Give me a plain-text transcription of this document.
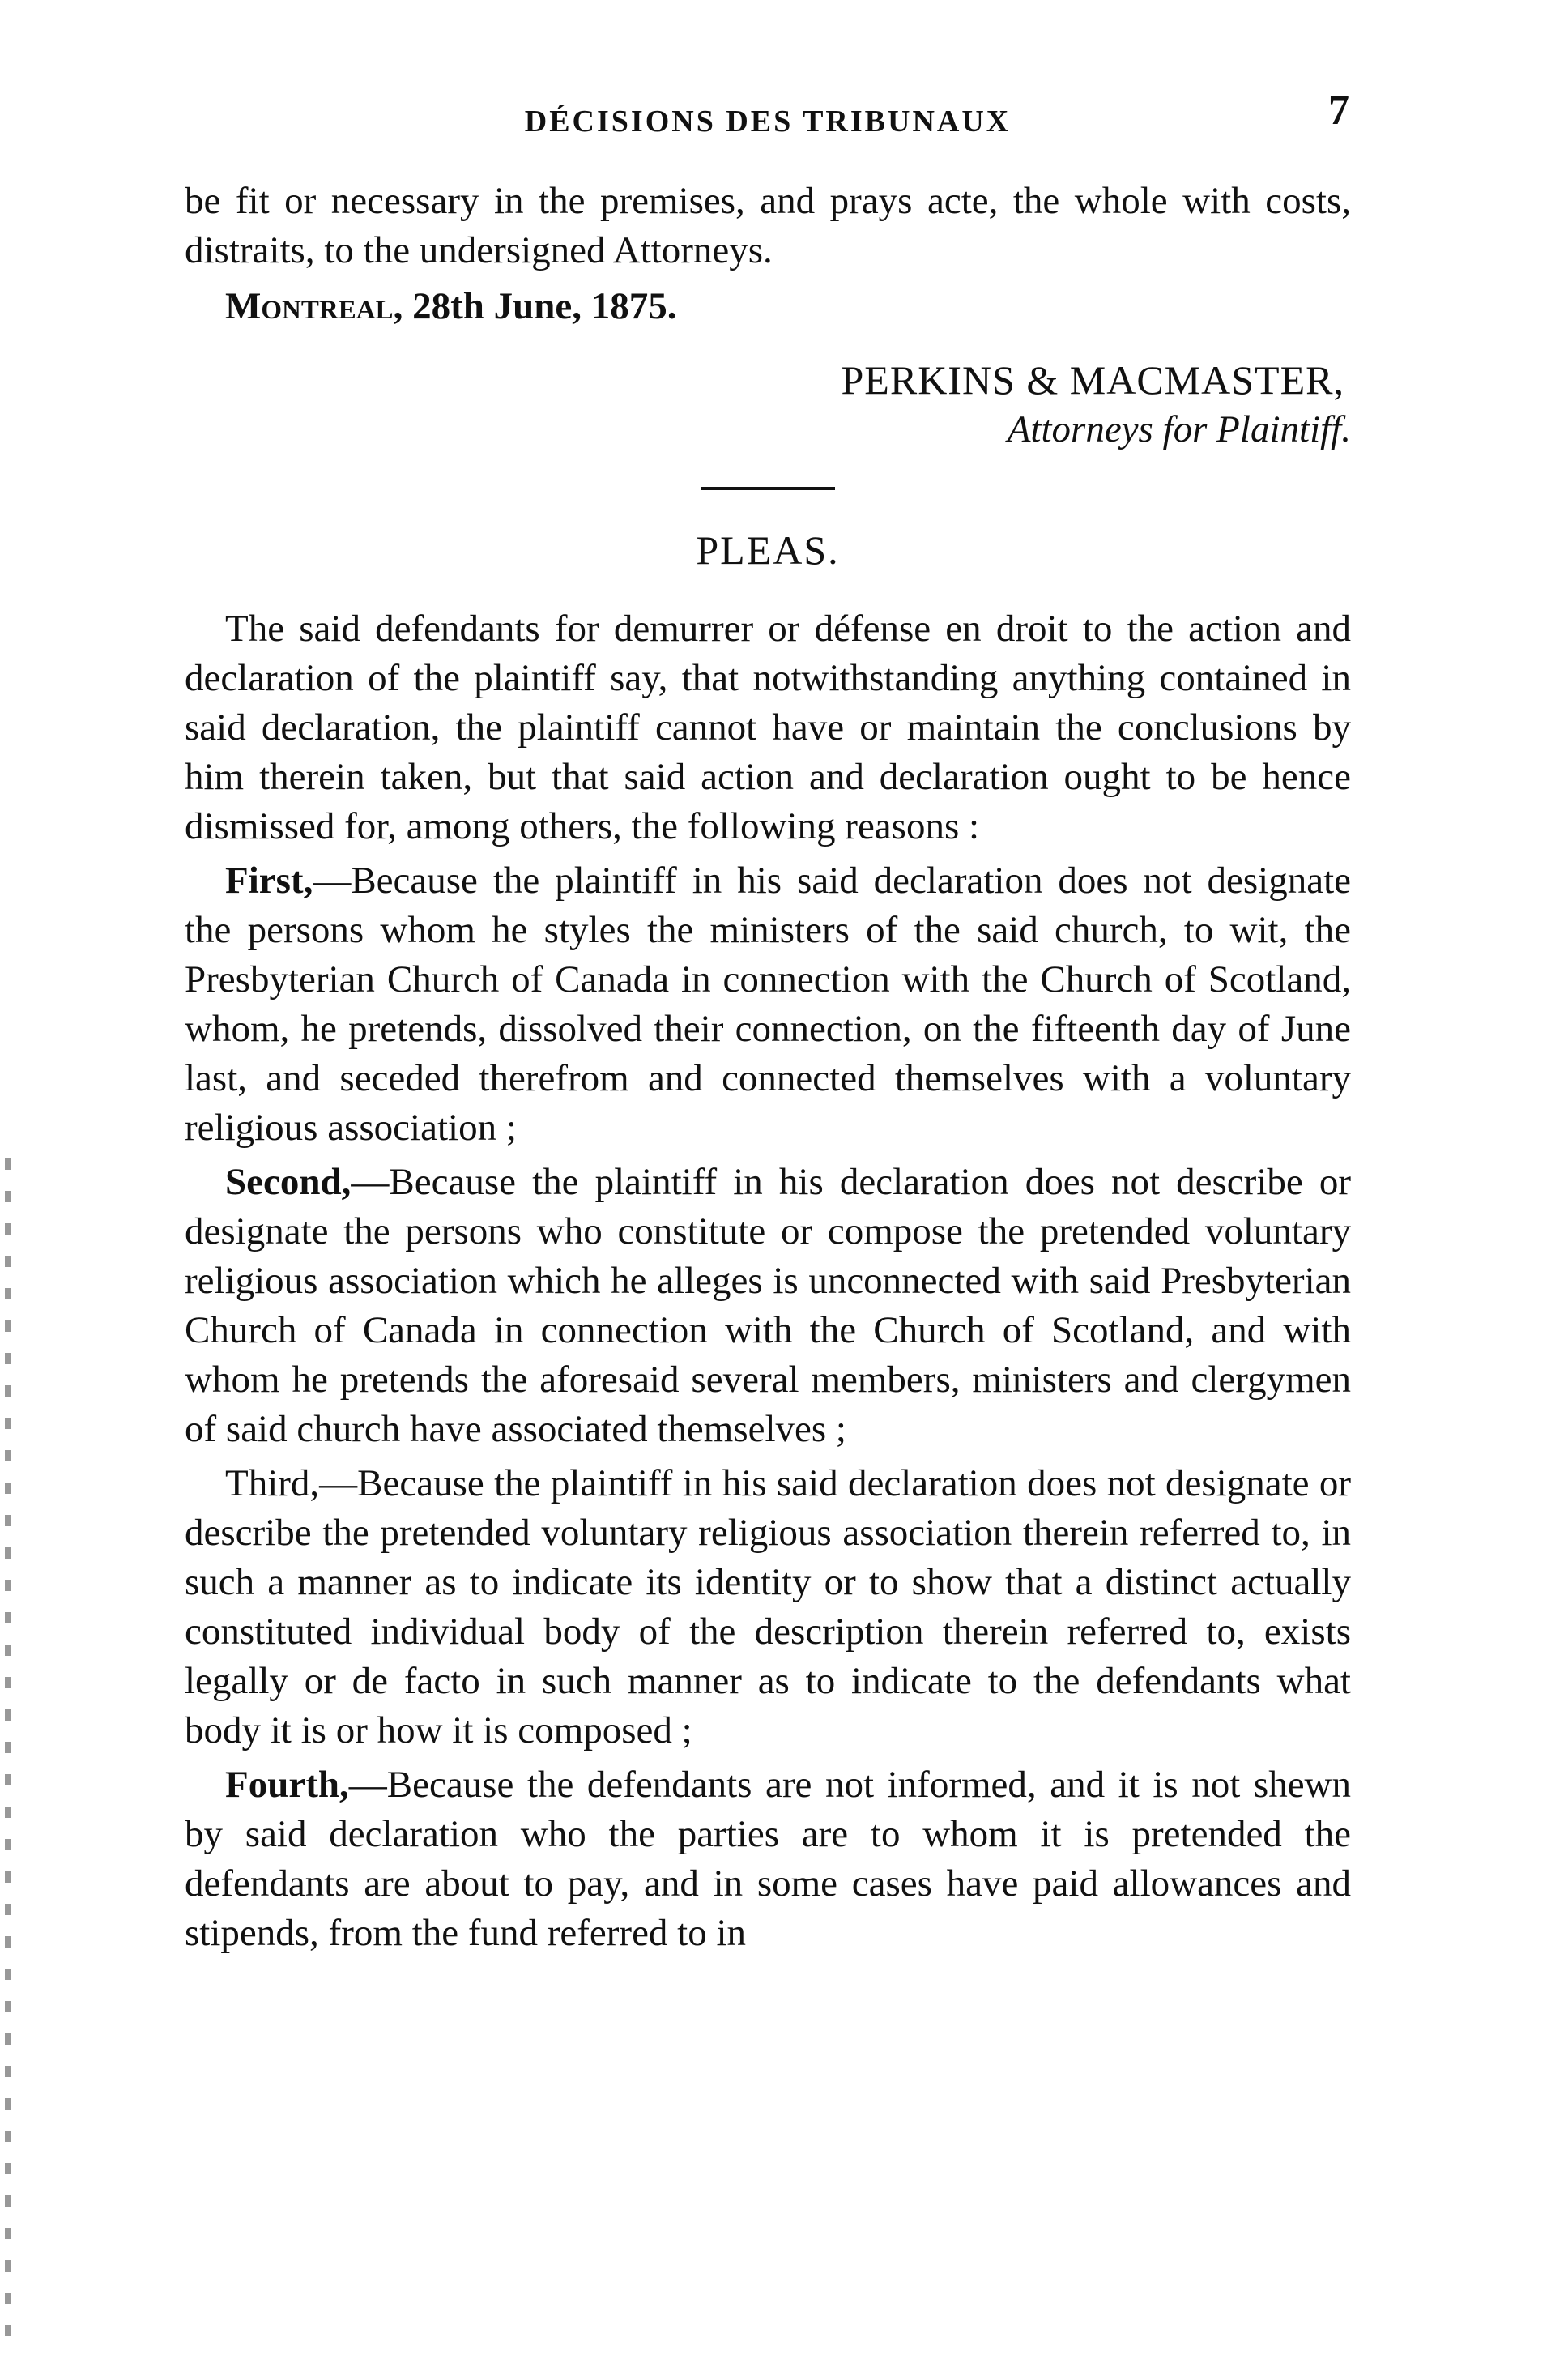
DÉCISIONS DES TRIBUNAUX	7

be fit or necessary in the premises, and prays acte, the whole with costs, distraits, to the undersigned Attorneys.

Montreal, 28th June, 1875.

PERKINS & MACMASTER,
Attorneys for Plaintiff.
PLEAS.

The said defendants for demurrer or défense en droit to the action and declaration of the plaintiff say, that notwithstanding anything contained in said declaration, the plaintiff cannot have or maintain the conclusions by him therein taken, but that said action and declaration ought to be hence dismissed for, among others, the following reasons :

First,—Because the plaintiff in his said declaration does not designate the persons whom he styles the ministers of the said church, to wit, the Presbyterian Church of Canada in connection with the Church of Scotland, whom, he pretends, dissolved their connection, on the fifteenth day of June last, and seceded therefrom and connected themselves with a voluntary religious association ;

Second,—Because the plaintiff in his declaration does not describe or designate the persons who constitute or compose the pretended voluntary religious association which he alleges is unconnected with said Presbyterian Church of Canada in connection with the Church of Scotland, and with whom he pretends the aforesaid several members, ministers and clergymen of said church have associated themselves ;

Third,—Because the plaintiff in his said declaration does not designate or describe the pretended voluntary religious association therein referred to, in such a manner as to indicate its identity or to show that a distinct actually constituted individual body of the description therein referred to, exists legally or de facto in such manner as to indicate to the defendants what body it is or how it is composed ;

Fourth,—Because the defendants are not informed, and it is not shewn by said declaration who the parties are to whom it is pretended the defendants are about to pay, and in some cases have paid allowances and stipends, from the fund referred to in
